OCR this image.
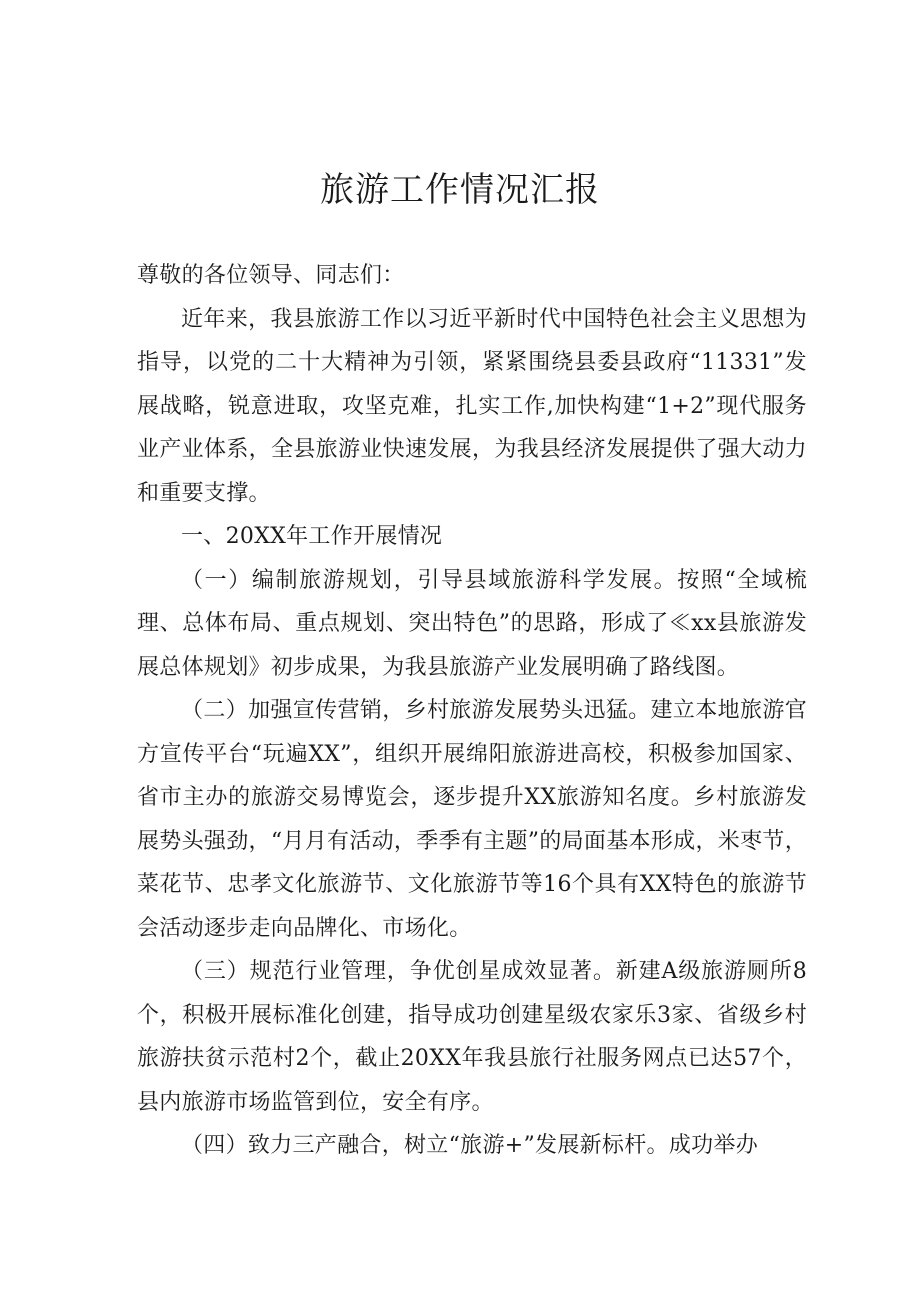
旅游工作情况汇报

尊敬的各位领导、同志们：

近年来，我县旅游工作以习近平新时代中国特色社会主义思想为指导，以党的二十大精神为引领，紧紧围绕县委县政府“11331”发展战略，锐意进取，攻坚克难，扎实工作,加快构建“1+2”现代服务业产业体系，全县旅游业快速发展，为我县经济发展提供了强大动力和重要支撑。

一、20XX年工作开展情况

（一）编制旅游规划，引导县域旅游科学发展。按照“全域梳理、总体布局、重点规划、突出特色”的思路，形成了≪xx县旅游发展总体规划》初步成果，为我县旅游产业发展明确了路线图。

（二）加强宣传营销，乡村旅游发展势头迅猛。建立本地旅游官方宣传平台“玩遍XX”，组织开展绵阳旅游进高校，积极参加国家、省市主办的旅游交易博览会，逐步提升XX旅游知名度。乡村旅游发展势头强劲，“月月有活动，季季有主题”的局面基本形成，米枣节，菜花节、忠孝文化旅游节、文化旅游节等16个具有XX特色的旅游节会活动逐步走向品牌化、市场化。

（三）规范行业管理，争优创星成效显著。新建A级旅游厕所8个，积极开展标准化创建，指导成功创建星级农家乐3家、省级乡村旅游扶贫示范村2个，截止20XX年我县旅行社服务网点已达57个，县内旅游市场监管到位，安全有序。

（四）致力三产融合，树立“旅游+”发展新标杆。成功举办
